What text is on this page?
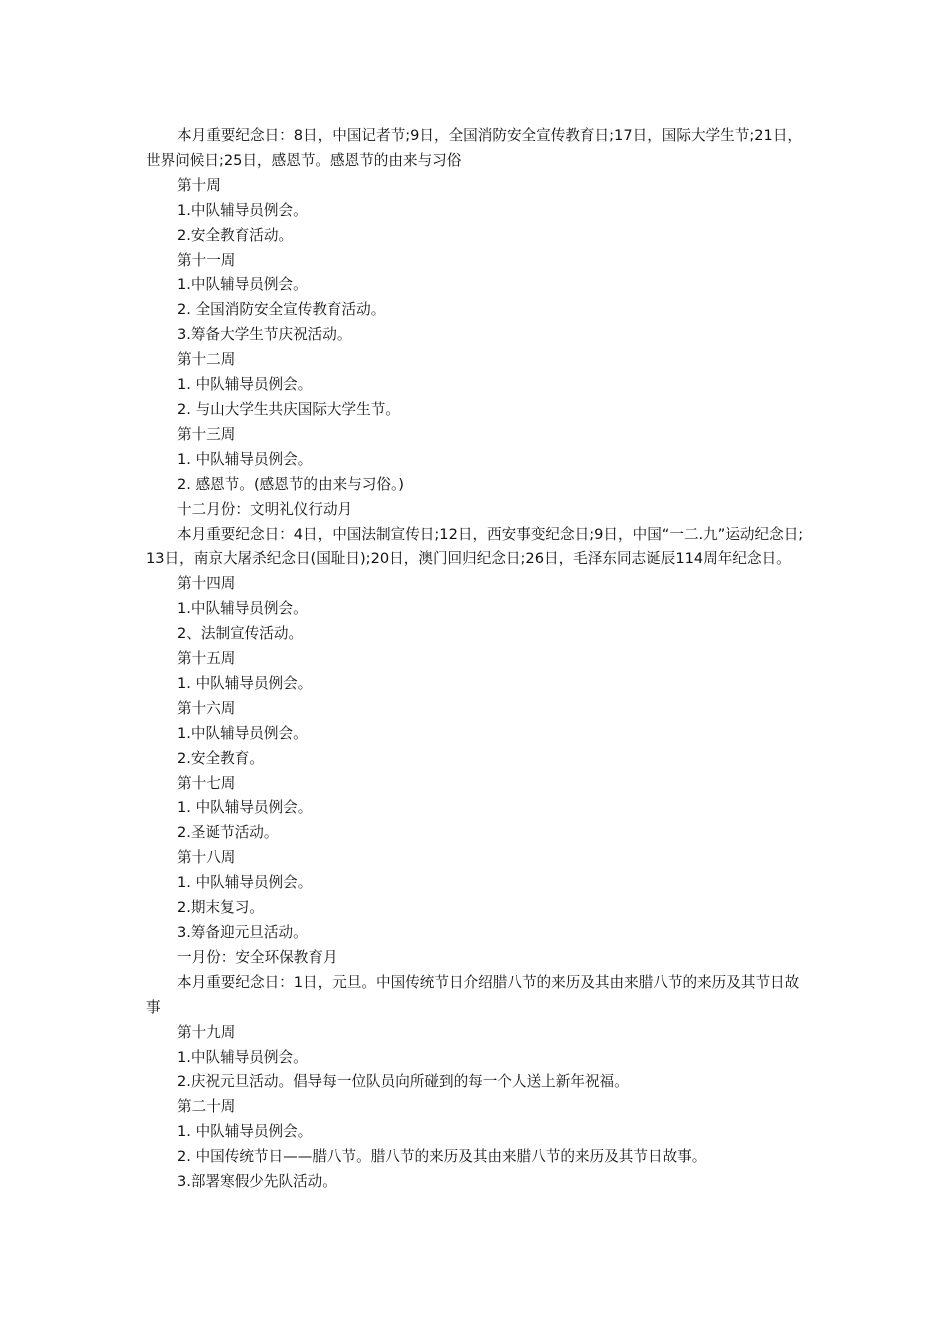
本月重要纪念日：8日，中国记者节;9日，全国消防安全宣传教育日;17日，国际大学生节;21日，世界问候日;25日，感恩节。感恩节的由来与习俗

第十周

1.中队辅导员例会。

2.安全教育活动。

第十一周

1.中队辅导员例会。

2. 全国消防安全宣传教育活动。

3.筹备大学生节庆祝活动。

第十二周

1. 中队辅导员例会。

2. 与山大学生共庆国际大学生节。

第十三周

1. 中队辅导员例会。

2. 感恩节。(感恩节的由来与习俗。)

十二月份：文明礼仪行动月

本月重要纪念日：4日，中国法制宣传日;12日，西安事变纪念日;9日，中国“一二.九”运动纪念日; 13日，南京大屠杀纪念日(国耻日);20日，澳门回归纪念日;26日，毛泽东同志诞辰114周年纪念日。

第十四周

1.中队辅导员例会。

2、法制宣传活动。

第十五周

1. 中队辅导员例会。

第十六周

1.中队辅导员例会。

2.安全教育。

第十七周

1. 中队辅导员例会。

2.圣诞节活动。

第十八周

1. 中队辅导员例会。

2.期末复习。

3.筹备迎元旦活动。

一月份：安全环保教育月

本月重要纪念日：1日，元旦。中国传统节日介绍腊八节的来历及其由来腊八节的来历及其节日故事

第十九周

1.中队辅导员例会。

2.庆祝元旦活动。倡导每一位队员向所碰到的每一个人送上新年祝福。

第二十周

1. 中队辅导员例会。

2. 中国传统节日——腊八节。腊八节的来历及其由来腊八节的来历及其节日故事。

3.部署寒假少先队活动。
